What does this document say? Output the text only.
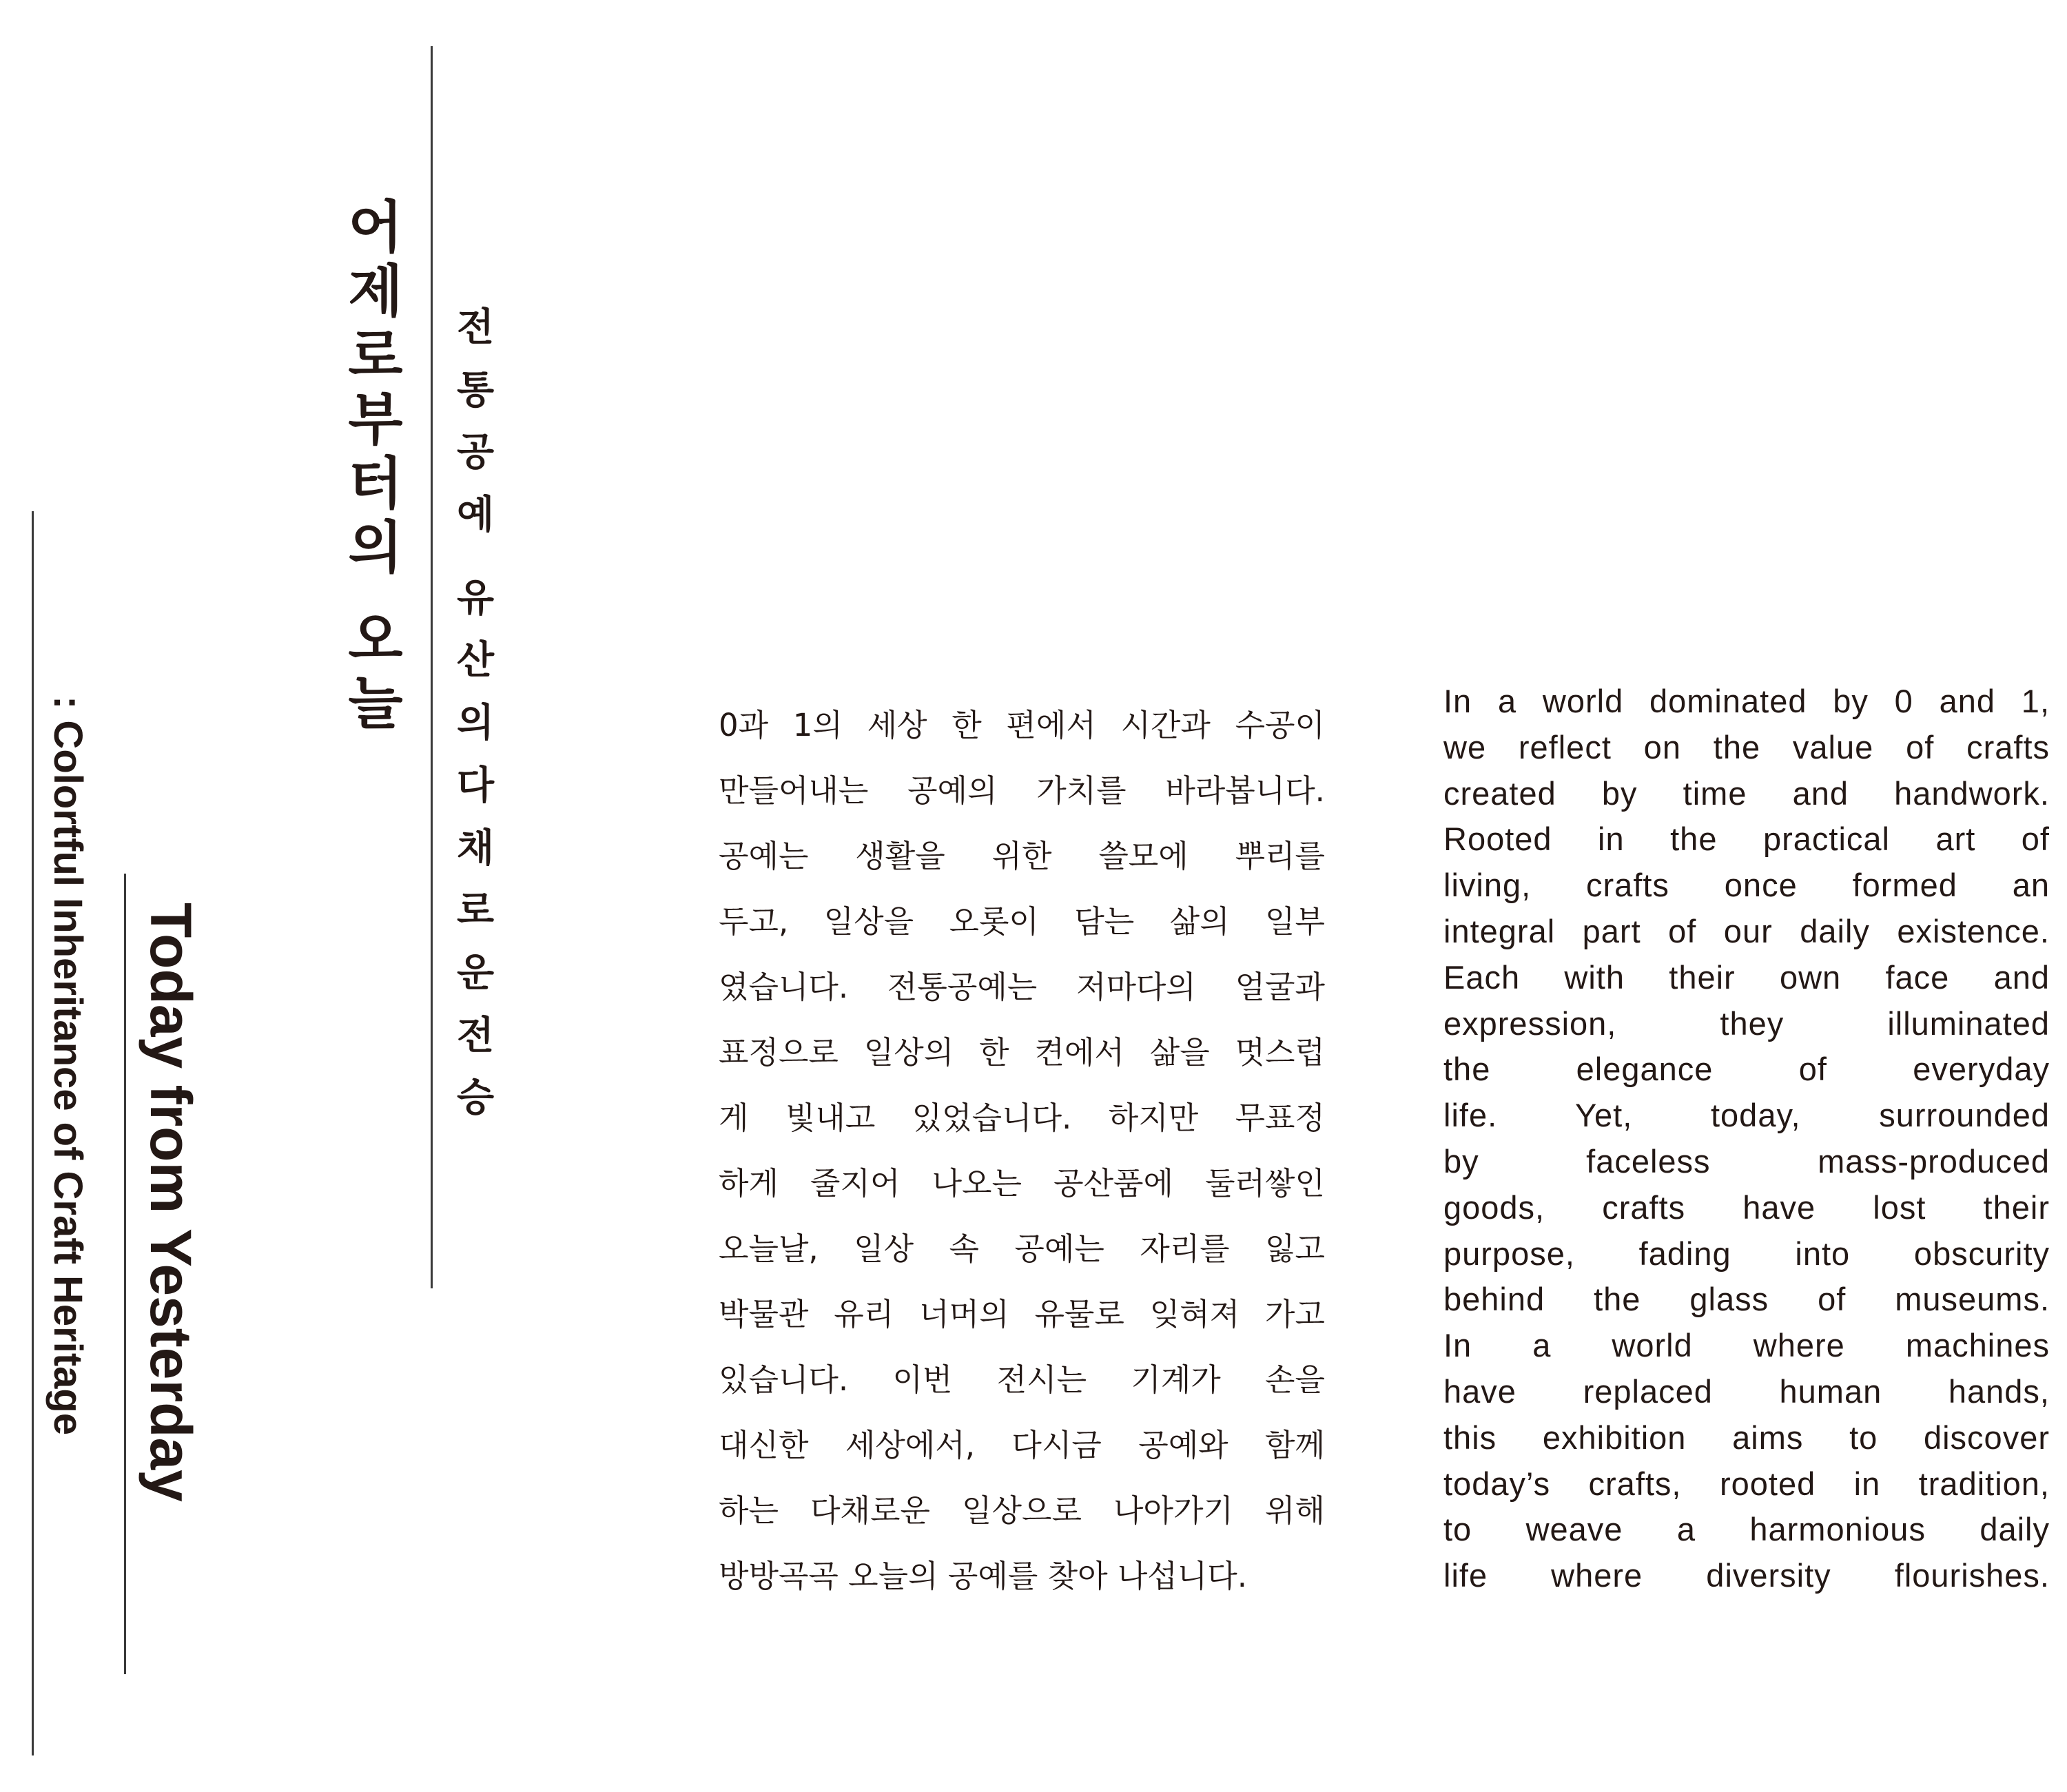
어
제
로
부
터
의
오
늘
전
통
공
예
유
산
의
다
채
로
운
전
승
Today from Yesterday
: Colortful Inheritance of Craft Heritage	0과 1의 세상 한 편에서 시간과 수공이
만들어내는 공예의 가치를 바라봅니다.
공예는 생활을 위한 쓸모에 뿌리를
두고, 일상을 오롯이 담는 삶의 일부
였습니다. 전통공예는 저마다의 얼굴과
표정으로 일상의 한 켠에서 삶을 멋스럽
게 빛내고 있었습니다. 하지만 무표정
하게 줄지어 나오는 공산품에 둘러쌓인
오늘날, 일상 속 공예는 자리를 잃고
박물관 유리 너머의 유물로 잊혀져 가고
있습니다. 이번 전시는 기계가 손을
대신한 세상에서, 다시금 공예와 함께
하는 다채로운 일상으로 나아가기 위해
방방곡곡 오늘의 공예를 찾아 나섭니다.
In a world dominated by 0 and 1,
we reflect on the value of crafts
created by time and handwork.
Rooted in the practical art of
living, crafts once formed an
integral part of our daily existence.
Each with their own face and
expression, they illuminated
the elegance of everyday
life. Yet, today, surrounded
by faceless mass-produced
goods, crafts have lost their
purpose, fading into obscurity
behind the glass of museums.
In a world where machines
have replaced human hands,
this exhibition aims to discover
today’s crafts, rooted in tradition,
to weave a harmonious daily
life where diversity flourishes.
